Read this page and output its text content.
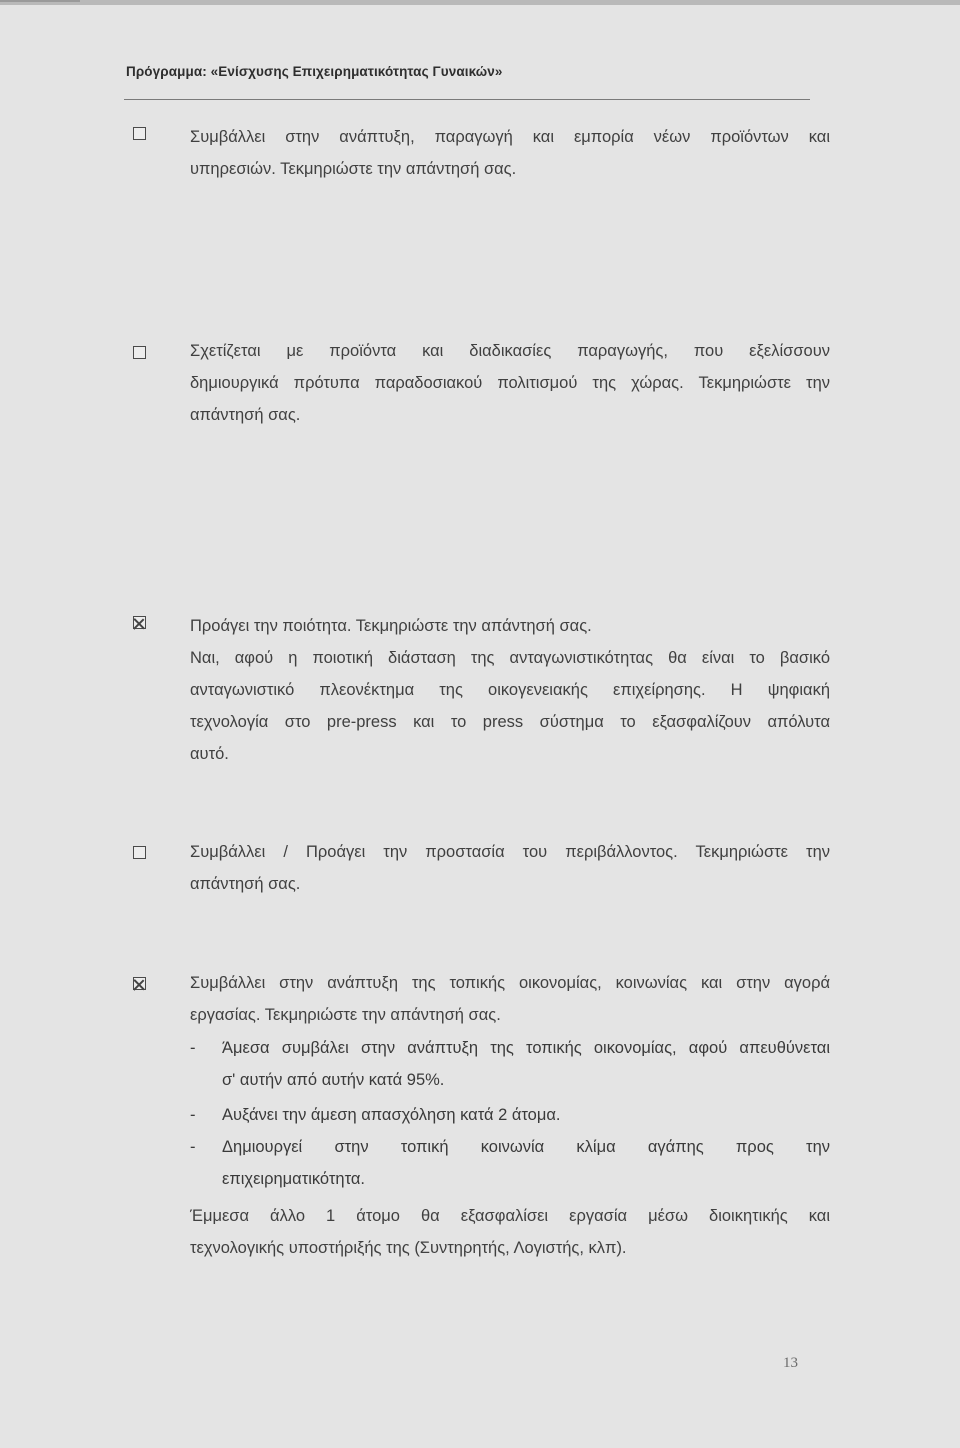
Πρόγραμμα: «Ενίσχυσης Επιχειρηματικότητας Γυναικών»
Συμβάλλει στην ανάπτυξη, παραγωγή και εμπορία νέων προϊόντων και
υπηρεσιών. Τεκμηριώστε την απάντησή σας.
Σχετίζεται με προϊόντα και διαδικασίες παραγωγής, που εξελίσσουν
δημιουργικά πρότυπα παραδοσιακού πολιτισμού της χώρας. Τεκμηριώστε την
απάντησή σας.
Προάγει την ποιότητα. Τεκμηριώστε την απάντησή σας.
Ναι, αφού η ποιοτική διάσταση της ανταγωνιστικότητας θα είναι το βασικό
ανταγωνιστικό πλεονέκτημα της οικογενειακής επιχείρησης. Η ψηφιακή
τεχνολογία στο pre-press και το press σύστημα το εξασφαλίζουν απόλυτα
αυτό.
Συμβάλλει / Προάγει την προστασία του περιβάλλοντος. Τεκμηριώστε την
απάντησή σας.
Συμβάλλει στην ανάπτυξη της τοπικής οικονομίας, κοινωνίας και στην αγορά
εργασίας. Τεκμηριώστε την απάντησή σας.
- Άμεσα συμβάλει στην ανάπτυξη της τοπικής οικονομίας, αφού απευθύνεται
σ' αυτήν από αυτήν κατά 95%.
- Αυξάνει την άμεση απασχόληση κατά 2 άτομα.
- Δημιουργεί στην τοπική κοινωνία κλίμα αγάπης προς την
επιχειρηματικότητα.
Έμμεσα άλλο 1 άτομο θα εξασφαλίσει εργασία μέσω διοικητικής και
τεχνολογικής υποστήριξής της (Συντηρητής, Λογιστής, κλπ).
13
